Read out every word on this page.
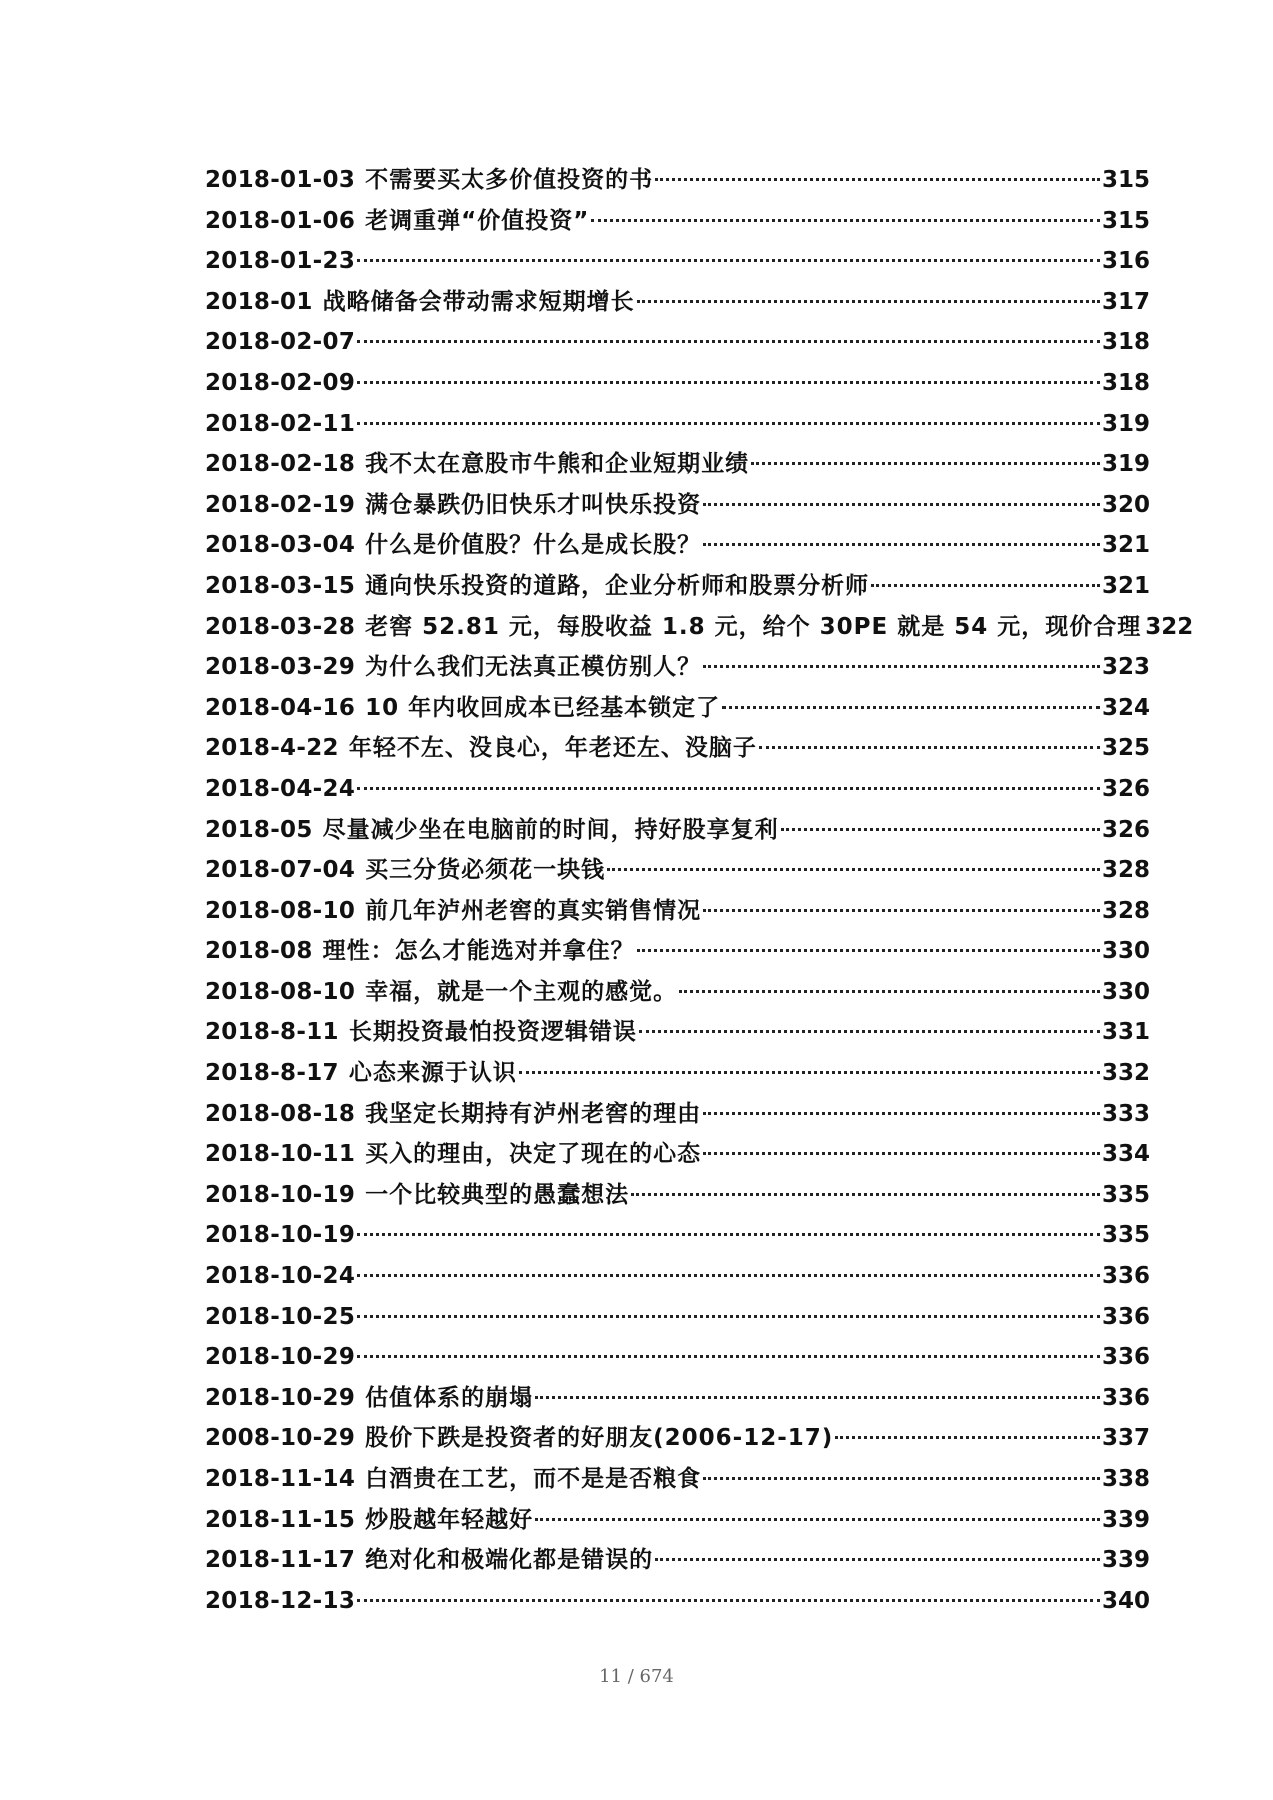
2018-01-03 不需要买太多价值投资的书	315
2018-01-06 老调重弹“价值投资”	315
2018-01-23	316
2018-01 战略储备会带动需求短期增长	317
2018-02-07	318
2018-02-09	318
2018-02-11	319
2018-02-18 我不太在意股市牛熊和企业短期业绩	319
2018-02-19 满仓暴跌仍旧快乐才叫快乐投资	320
2018-03-04 什么是价值股？什么是成长股？	321
2018-03-15 通向快乐投资的道路，企业分析师和股票分析师	321
2018-03-28 老窖 52.81 元，每股收益 1.8 元，给个 30PE 就是 54 元，现价合理 322
2018-03-29 为什么我们无法真正模仿别人？	323
2018-04-16 10 年内收回成本已经基本锁定了	324
2018-4-22 年轻不左、没良心，年老还左、没脑子	325
2018-04-24	326
2018-05 尽量减少坐在电脑前的时间，持好股享复利	326
2018-07-04 买三分货必须花一块钱	328
2018-08-10 前几年泸州老窖的真实销售情况	328
2018-08 理性：怎么才能选对并拿住？	330
2018-08-10 幸福，就是一个主观的感觉。	330
2018-8-11 长期投资最怕投资逻辑错误	331
2018-8-17 心态来源于认识	332
2018-08-18 我坚定长期持有泸州老窖的理由	333
2018-10-11 买入的理由，决定了现在的心态	334
2018-10-19 一个比较典型的愚蠢想法	335
2018-10-19	335
2018-10-24	336
2018-10-25	336
2018-10-29	336
2018-10-29 估值体系的崩塌	336
2008-10-29 股价下跌是投资者的好朋友(2006-12-17)	337
2018-11-14 白酒贵在工艺，而不是是否粮食	338
2018-11-15 炒股越年轻越好	339
2018-11-17 绝对化和极端化都是错误的	339
2018-12-13	340
11 / 674
